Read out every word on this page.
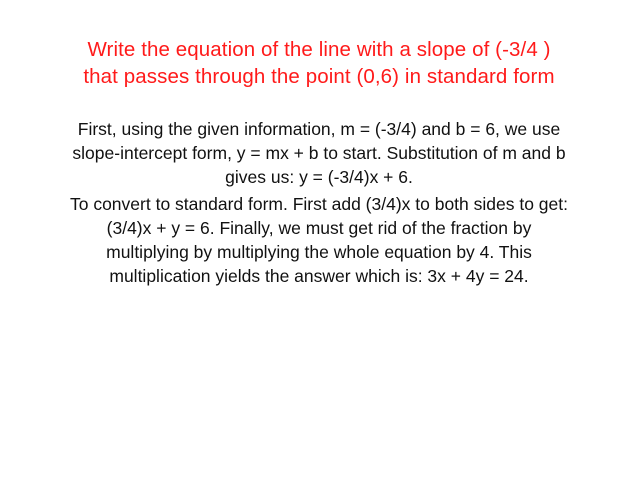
Write the equation of the line with a slope of (-3/4 )
that passes through the point (0,6) in standard form

First, using the given information, m = (-3/4) and b = 6, we use
slope-intercept form, y = mx + b to start. Substitution of m and b
gives us: y = (-3/4)x + 6.

To convert to standard form. First add (3/4)x to both sides to get:
(3/4)x + y = 6. Finally, we must get rid of the fraction by
multiplying by multiplying the whole equation by 4. This
multiplication yields the answer which is: 3x + 4y = 24.
